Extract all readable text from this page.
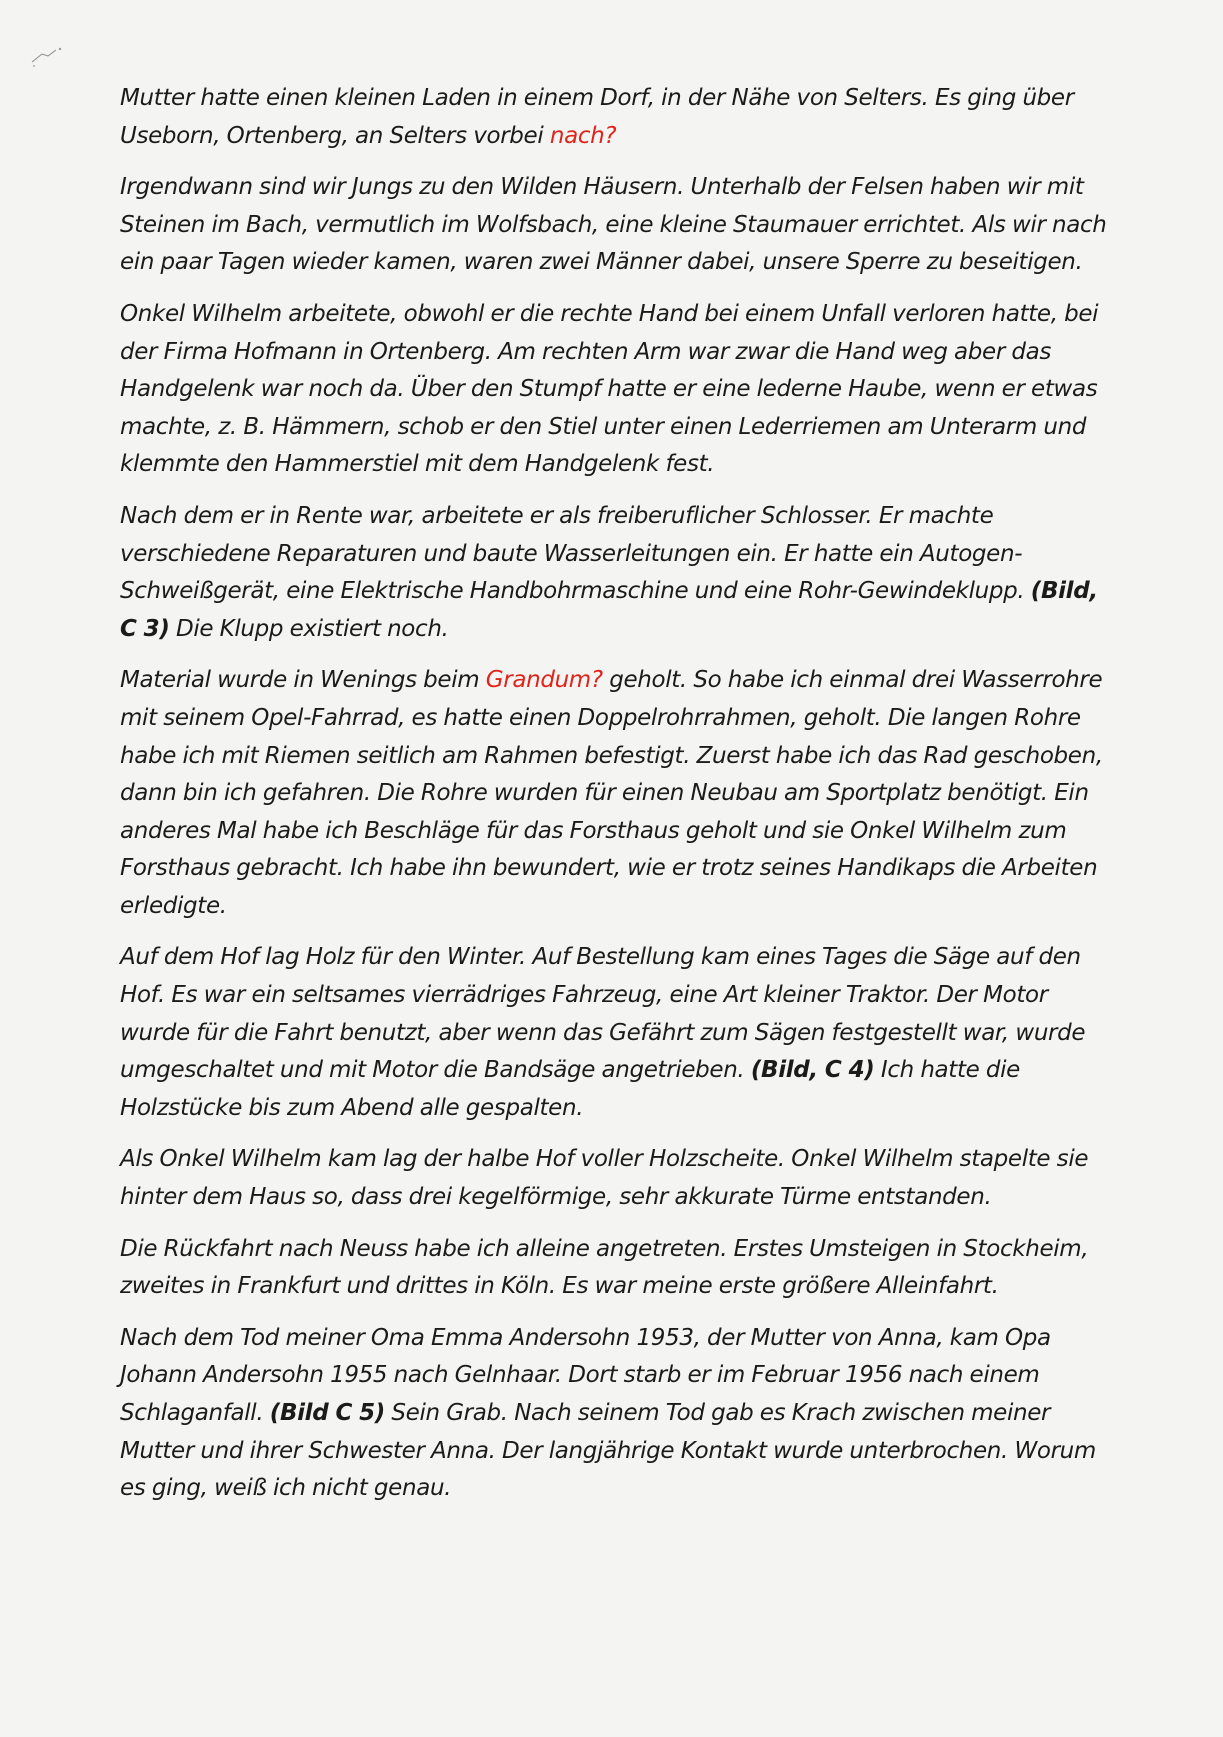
Mutter hatte einen kleinen Laden in einem Dorf, in der Nähe von Selters. Es ging über Useborn, Ortenberg, an Selters vorbei nach?

Irgendwann sind wir Jungs zu den Wilden Häusern. Unterhalb der Felsen haben wir mit Steinen im Bach, vermutlich im Wolfsbach, eine kleine Staumauer errichtet. Als wir nach ein paar Tagen wieder kamen, waren zwei Männer dabei, unsere Sperre zu beseitigen.

Onkel Wilhelm arbeitete, obwohl er die rechte Hand bei einem Unfall verloren hatte, bei der Firma Hofmann in Ortenberg. Am rechten Arm war zwar die Hand weg aber das Handgelenk war noch da. Über den Stumpf hatte er eine lederne Haube, wenn er etwas machte, z. B. Hämmern, schob er den Stiel unter einen Lederriemen am Unterarm und klemmte den Hammerstiel mit dem Handgelenk fest.

Nach dem er in Rente war, arbeitete er als freiberuflicher Schlosser. Er machte verschiedene Reparaturen und baute Wasserleitungen ein. Er hatte ein Autogen-Schweißgerät, eine Elektrische Handbohrmaschine und eine Rohr-Gewindeklupp. (Bild, C 3) Die Klupp existiert noch.

Material wurde in Wenings beim Grandum? geholt. So habe ich einmal drei Wasserrohre mit seinem Opel-Fahrrad, es hatte einen Doppelrohrrahmen, geholt. Die langen Rohre habe ich mit Riemen seitlich am Rahmen befestigt. Zuerst habe ich das Rad geschoben, dann bin ich gefahren. Die Rohre wurden für einen Neubau am Sportplatz benötigt. Ein anderes Mal habe ich Beschläge für das Forsthaus geholt und sie Onkel Wilhelm zum Forsthaus gebracht. Ich habe ihn bewundert, wie er trotz seines Handikaps die Arbeiten erledigte.

Auf dem Hof lag Holz für den Winter. Auf Bestellung kam eines Tages die Säge auf den Hof. Es war ein seltsames vierrädriges Fahrzeug, eine Art kleiner Traktor. Der Motor wurde für die Fahrt benutzt, aber wenn das Gefährt zum Sägen festgestellt war, wurde umgeschaltet und mit Motor die Bandsäge angetrieben. (Bild, C 4) Ich hatte die Holzstücke bis zum Abend alle gespalten.

Als Onkel Wilhelm kam lag der halbe Hof voller Holzscheite. Onkel Wilhelm stapelte sie hinter dem Haus so, dass drei kegelförmige, sehr akkurate Türme entstanden.

Die Rückfahrt nach Neuss habe ich alleine angetreten. Erstes Umsteigen in Stockheim, zweites in Frankfurt und drittes in Köln. Es war meine erste größere Alleinfahrt.

Nach dem Tod meiner Oma Emma Andersohn 1953, der Mutter von Anna, kam Opa Johann Andersohn 1955 nach Gelnhaar. Dort starb er im Februar 1956 nach einem Schlaganfall. (Bild C 5) Sein Grab. Nach seinem Tod gab es Krach zwischen meiner Mutter und ihrer Schwester Anna. Der langjährige Kontakt wurde unterbrochen. Worum es ging, weiß ich nicht genau.
